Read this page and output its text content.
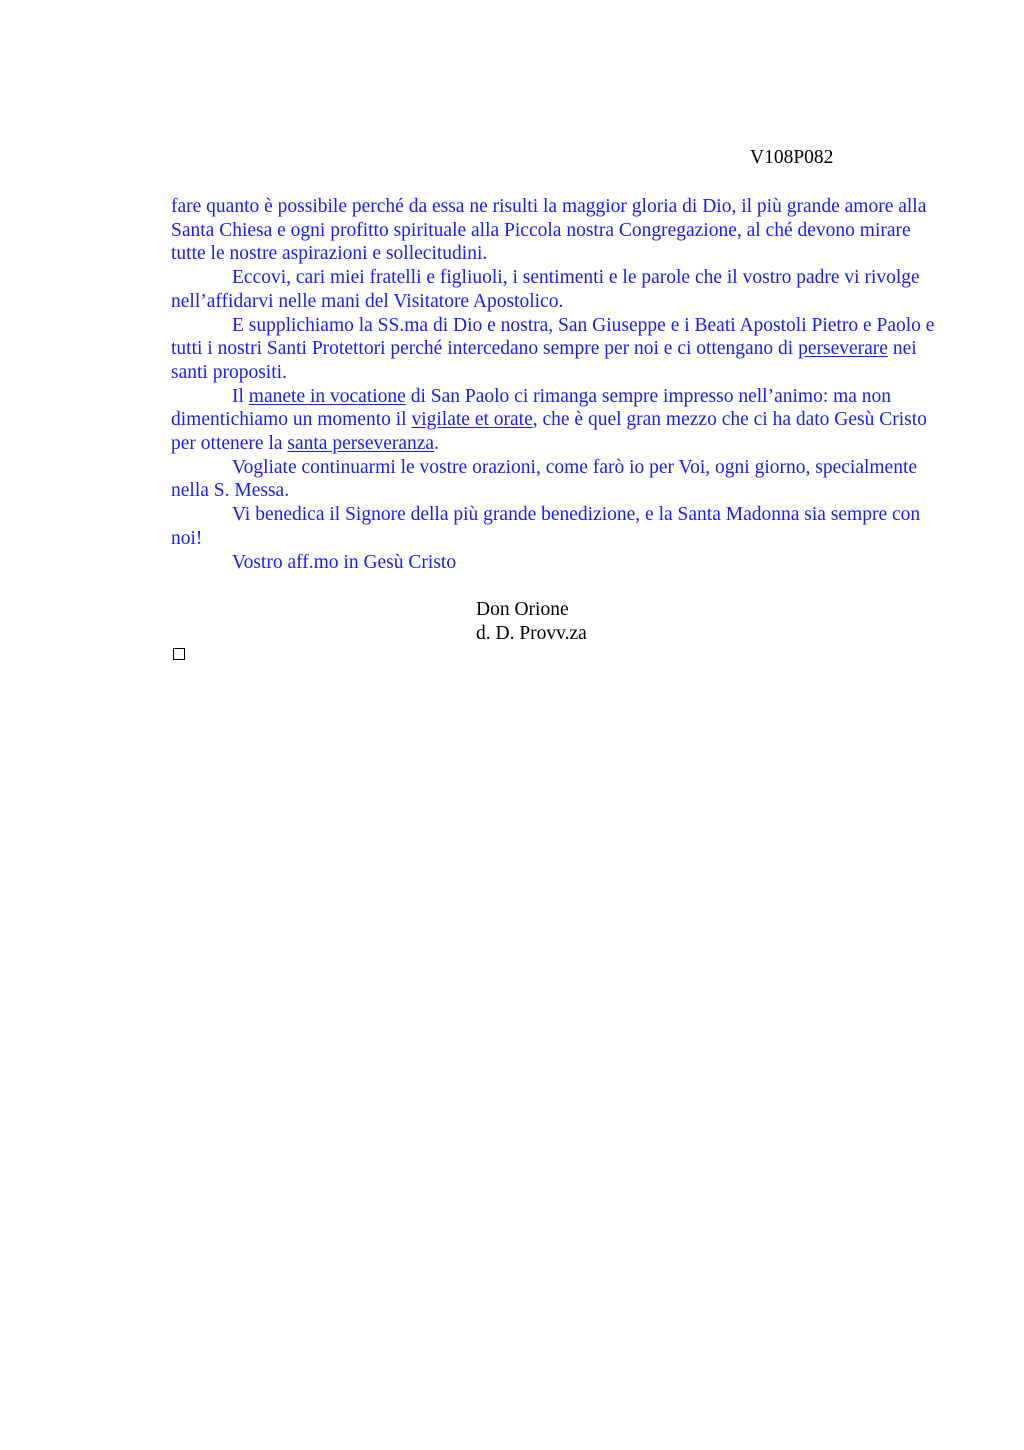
V108P082

fare quanto è possibile perché da essa ne risulti la maggior gloria di Dio, il più grande amore alla Santa Chiesa e ogni profitto spirituale alla Piccola nostra Congregazione, al ché devono mirare tutte le nostre aspirazioni e sollecitudini.

Eccovi, cari miei fratelli e figliuoli, i sentimenti e le parole che il vostro padre vi rivolge nell’affidarvi nelle mani del Visitatore Apostolico.

E supplichiamo la SS.ma di Dio e nostra, San Giuseppe e i Beati Apostoli Pietro e Paolo e tutti i nostri Santi Protettori perché intercedano sempre per noi e ci ottengano di perseverare nei santi propositi.

Il manete in vocatione di San Paolo ci rimanga sempre impresso nell’animo: ma non dimentichiamo un momento il vigilate et orate, che è quel gran mezzo che ci ha dato Gesù Cristo per ottenere la santa perseveranza.

Vogliate continuarmi le vostre orazioni, come farò io per Voi, ogni giorno, specialmente nella S. Messa.

Vi benedica il Signore della più grande benedizione, e la Santa Madonna sia sempre con noi!

Vostro aff.mo in Gesù Cristo

Don Orione
d. D. Provv.za
